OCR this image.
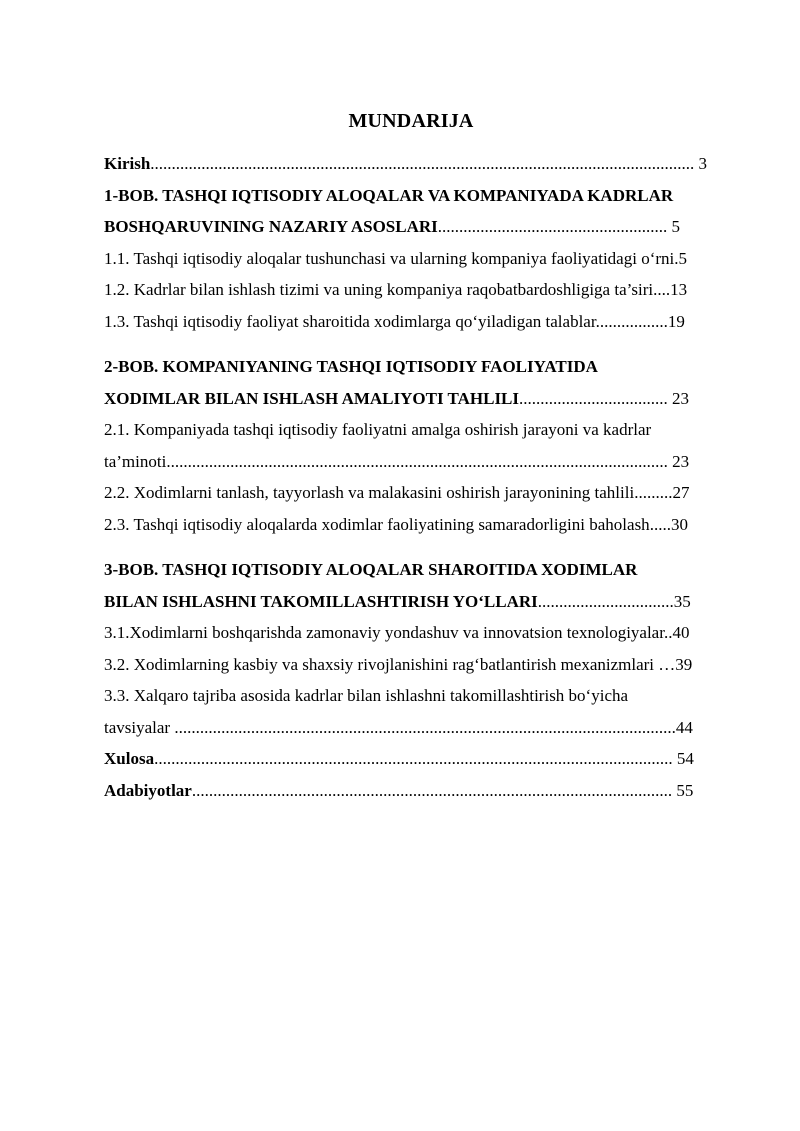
MUNDARIJA
Kirish................................................................................................................................ 3
1-BOB. TASHQI IQTISODIY ALOQALAR VA KOMPANIYADA KADRLAR
BOSHQARUVINING NAZARIY ASOSLARI...................................................... 5
1.1. Tashqi iqtisodiy aloqalar tushunchasi va ularning kompaniya faoliyatidagi o‘rni.5
1.2. Kadrlar bilan ishlash tizimi va uning kompaniya raqobatbardoshligiga ta’siri....13
1.3. Tashqi iqtisodiy faoliyat sharoitida xodimlarga qo‘yiladigan talablar.................19
2-BOB. KOMPANIYANING TASHQI IQTISODIY FAOLIYATIDA
XODIMLAR BILAN ISHLASH AMALIYOTI TAHLILI................................... 23
2.1. Kompaniyada tashqi iqtisodiy faoliyatni amalga oshirish jarayoni va kadrlar
ta’minoti...................................................................................................................... 23
2.2. Xodimlarni tanlash, tayyorlash va malakasini oshirish jarayonining tahlili.........27
2.3. Tashqi iqtisodiy aloqalarda xodimlar faoliyatining samaradorligini baholash.....30
3-BOB. TASHQI IQTISODIY ALOQALAR SHAROITIDA XODIMLAR
BILAN ISHLASHNI TAKOMILLASHTIRISH YO‘LLARI................................35
3.1.Xodimlarni boshqarishda zamonaviy yondashuv va innovatsion texnologiyalar..40
3.2. Xodimlarning kasbiy va shaxsiy rivojlanishini rag‘batlantirish mexanizmlari …39
3.3. Xalqaro tajriba asosida kadrlar bilan ishlashni takomillashtirish bo‘yicha
tavsiyalar ......................................................................................................................44
Xulosa.......................................................................................................................... 54
Adabiyotlar................................................................................................................. 55
